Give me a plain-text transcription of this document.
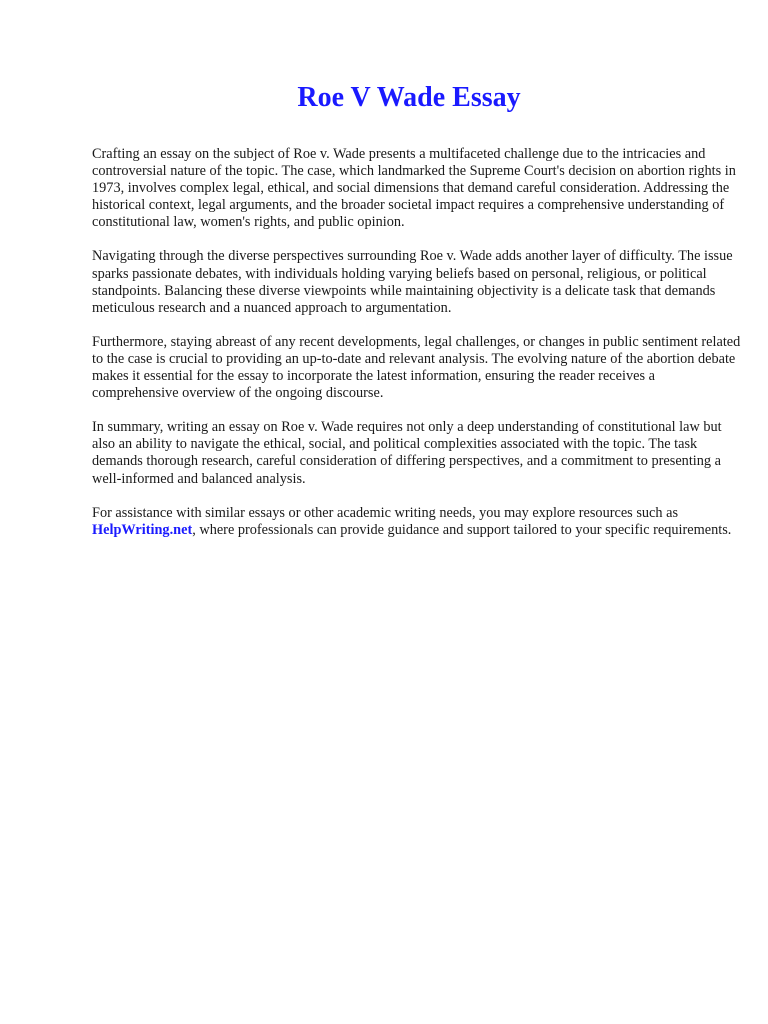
Roe V Wade Essay

Crafting an essay on the subject of Roe v. Wade presents a multifaceted challenge due to the intricacies and controversial nature of the topic. The case, which landmarked the Supreme Court's decision on abortion rights in 1973, involves complex legal, ethical, and social dimensions that demand careful consideration. Addressing the historical context, legal arguments, and the broader societal impact requires a comprehensive understanding of constitutional law, women's rights, and public opinion.

Navigating through the diverse perspectives surrounding Roe v. Wade adds another layer of difficulty. The issue sparks passionate debates, with individuals holding varying beliefs based on personal, religious, or political standpoints. Balancing these diverse viewpoints while maintaining objectivity is a delicate task that demands meticulous research and a nuanced approach to argumentation.

Furthermore, staying abreast of any recent developments, legal challenges, or changes in public sentiment related to the case is crucial to providing an up-to-date and relevant analysis. The evolving nature of the abortion debate makes it essential for the essay to incorporate the latest information, ensuring the reader receives a comprehensive overview of the ongoing discourse.

In summary, writing an essay on Roe v. Wade requires not only a deep understanding of constitutional law but also an ability to navigate the ethical, social, and political complexities associated with the topic. The task demands thorough research, careful consideration of differing perspectives, and a commitment to presenting a well-informed and balanced analysis.

For assistance with similar essays or other academic writing needs, you may explore resources such as HelpWriting.net, where professionals can provide guidance and support tailored to your specific requirements.
